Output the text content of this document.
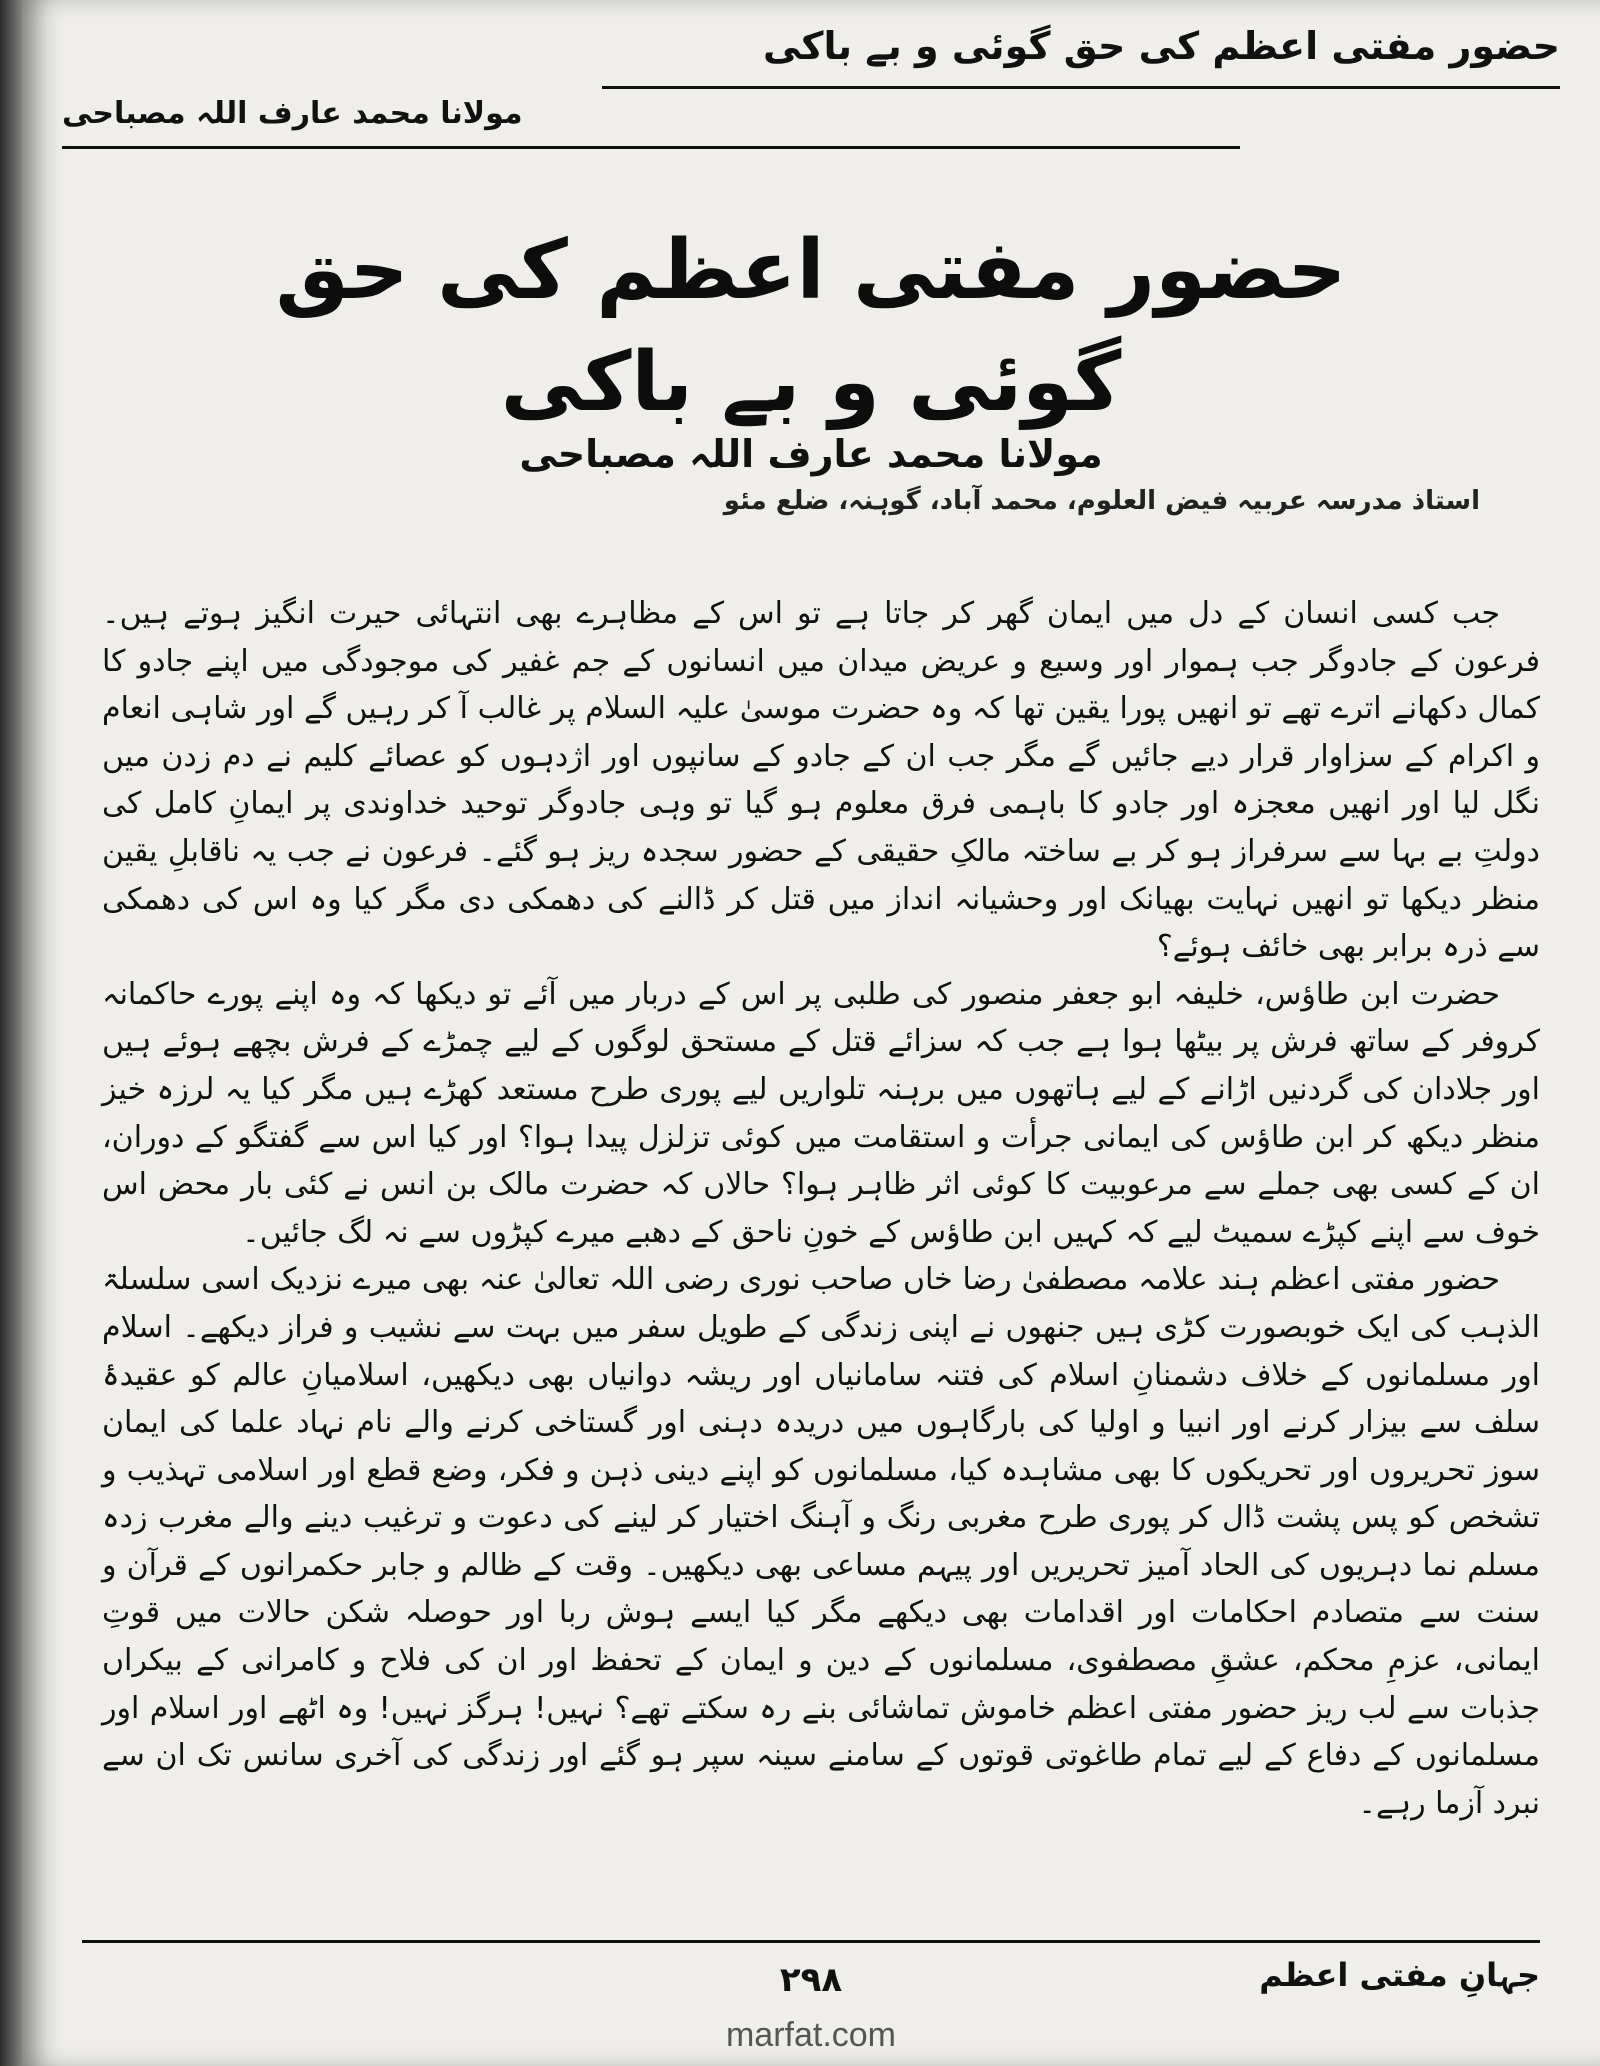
حضور مفتی اعظم کی حق گوئی و بے باکی
مولانا محمد عارف اللہ مصباحی
حضور مفتی اعظم کی حق گوئی و بے باکی
مولانا محمد عارف اللہ مصباحی
استاذ مدرسہ عربیہ فیض العلوم، محمد آباد، گوہنہ، ضلع مئو

جب کسی انسان کے دل میں ایمان گھر کر جاتا ہے تو اس کے مظاہرے بھی انتہائی حیرت انگیز ہوتے ہیں۔ فرعون کے جادوگر جب ہموار اور وسیع و عریض میدان میں انسانوں کے جم غفیر کی موجودگی میں اپنے جادو کا کمال دکھانے اترے تھے تو انھیں پورا یقین تھا کہ وہ حضرت موسیٰ علیہ السلام پر غالب آ کر رہیں گے اور شاہی انعام و اکرام کے سزاوار قرار دیے جائیں گے مگر جب ان کے جادو کے سانپوں اور اژدہوں کو عصائے کلیم نے دم زدن میں نگل لیا اور انھیں معجزہ اور جادو کا باہمی فرق معلوم ہو گیا تو وہی جادوگر توحید خداوندی پر ایمانِ کامل کی دولتِ بے بہا سے سرفراز ہو کر بے ساختہ مالکِ حقیقی کے حضور سجدہ ریز ہو گئے۔ فرعون نے جب یہ ناقابلِ یقین منظر دیکھا تو انھیں نہایت بھیانک اور وحشیانہ انداز میں قتل کر ڈالنے کی دھمکی دی مگر کیا وہ اس کی دھمکی سے ذرہ برابر بھی خائف ہوئے؟

حضرت ابن طاؤس، خلیفہ ابو جعفر منصور کی طلبی پر اس کے دربار میں آئے تو دیکھا کہ وہ اپنے پورے حاکمانہ کروفر کے ساتھ فرش پر بیٹھا ہوا ہے جب کہ سزائے قتل کے مستحق لوگوں کے لیے چمڑے کے فرش بچھے ہوئے ہیں اور جلادان کی گردنیں اڑانے کے لیے ہاتھوں میں برہنہ تلواریں لیے پوری طرح مستعد کھڑے ہیں مگر کیا یہ لرزہ خیز منظر دیکھ کر ابن طاؤس کی ایمانی جرأت و استقامت میں کوئی تزلزل پیدا ہوا؟ اور کیا اس سے گفتگو کے دوران، ان کے کسی بھی جملے سے مرعوبیت کا کوئی اثر ظاہر ہوا؟ حالاں کہ حضرت مالک بن انس نے کئی بار محض اس خوف سے اپنے کپڑے سمیٹ لیے کہ کہیں ابن طاؤس کے خونِ ناحق کے دھبے میرے کپڑوں سے نہ لگ جائیں۔

حضور مفتی اعظم ہند علامہ مصطفیٰ رضا خاں صاحب نوری رضی اللہ تعالیٰ عنہ بھی میرے نزدیک اسی سلسلۃ الذہب کی ایک خوبصورت کڑی ہیں جنھوں نے اپنی زندگی کے طویل سفر میں بہت سے نشیب و فراز دیکھے۔ اسلام اور مسلمانوں کے خلاف دشمنانِ اسلام کی فتنہ سامانیاں اور ریشہ دوانیاں بھی دیکھیں، اسلامیانِ عالم کو عقیدۂ سلف سے بیزار کرنے اور انبیا و اولیا کی بارگاہوں میں دریدہ دہنی اور گستاخی کرنے والے نام نہاد علما کی ایمان سوز تحریروں اور تحریکوں کا بھی مشاہدہ کیا، مسلمانوں کو اپنے دینی ذہن و فکر، وضع قطع اور اسلامی تہذیب و تشخص کو پس پشت ڈال کر پوری طرح مغربی رنگ و آہنگ اختیار کر لینے کی دعوت و ترغیب دینے والے مغرب زدہ مسلم نما دہریوں کی الحاد آمیز تحریریں اور پیہم مساعی بھی دیکھیں۔ وقت کے ظالم و جابر حکمرانوں کے قرآن و سنت سے متصادم احکامات اور اقدامات بھی دیکھے مگر کیا ایسے ہوش ربا اور حوصلہ شکن حالات میں قوتِ ایمانی، عزمِ محکم، عشقِ مصطفوی، مسلمانوں کے دین و ایمان کے تحفظ اور ان کی فلاح و کامرانی کے بیکراں جذبات سے لب ریز حضور مفتی اعظم خاموش تماشائی بنے رہ سکتے تھے؟ نہیں! ہرگز نہیں! وہ اٹھے اور اسلام اور مسلمانوں کے دفاع کے لیے تمام طاغوتی قوتوں کے سامنے سینہ سپر ہو گئے اور زندگی کی آخری سانس تک ان سے نبرد آزما رہے۔

جہانِ مفتی اعظم
۲۹۸
marfat.com
